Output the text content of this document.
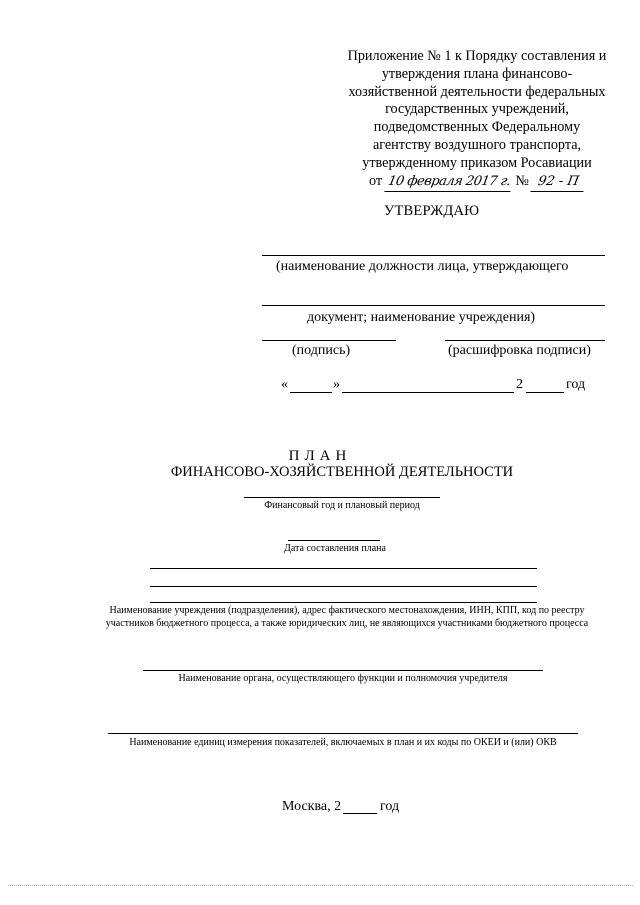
Приложение № 1 к Порядку составления и
утверждения плана финансово-
хозяйственной деятельности федеральных
государственных учреждений,
подведомственных Федеральному
агентству воздушного транспорта,
утвержденному приказом Росавиации
от 10 февраля 2017 г. № 92 - П
УТВЕРЖДАЮ
(наименование должности лица, утверждающего
документ; наименование учреждения)
(подпись)	(расшифровка подписи)
«	»	2	год
ПЛАН
ФИНАНСОВО-ХОЗЯЙСТВЕННОЙ ДЕЯТЕЛЬНОСТИ
Финансовый год и плановый период
Дата составления плана
Наименование учреждения (подразделения), адрес фактического местонахождения, ИНН, КПП, код по реестру
участников бюджетного процесса, а также юридических лиц, не являющихся участниками бюджетного процесса
Наименование органа, осуществляющего функции и полномочия учредителя
Наименование единиц измерения показателей, включаемых в план и их коды по ОКЕИ и (или) ОКВ
Москва, 2	год
